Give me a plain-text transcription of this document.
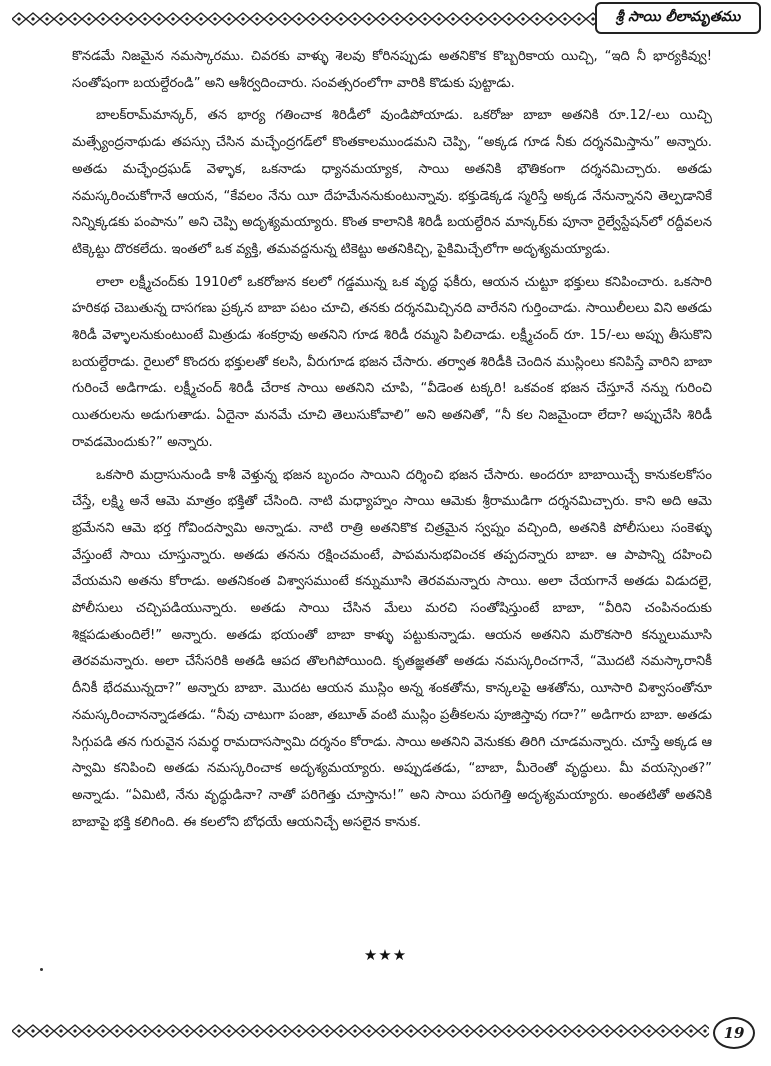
శ్రీ సాయి లీలామృతము

కొనడమే నిజమైన నమస్కారము. చివరకు వాళ్ళు శెలవు కోరినప్పుడు అతనికొక కొబ్బరికాయ యిచ్చి, “ఇది నీ భార్యకివ్వు! సంతోషంగా బయల్దేరండి” అని ఆశీర్వదించారు. సంవత్సరంలోగా వారికి కొడుకు పుట్టాడు.

బాలక్‌రామ్‌మాన్కర్, తన భార్య గతించాక శిరిడీలో వుండిపోయాడు. ఒకరోజు బాబా అతనికి రూ.12/-లు యిచ్చి మత్స్యేంద్రనాథుడు తపస్సు చేసిన మచ్ఛేంద్రగడ్‌లో కొంతకాలముండమని చెప్పి, “అక్కడ గూడ నీకు దర్శనమిస్తాను” అన్నారు. అతడు మచ్ఛేంద్రఘడ్ వెళ్ళాక, ఒకనాడు ధ్యానమయ్యాక, సాయి అతనికి భౌతికంగా దర్శనమిచ్చారు. అతడు నమస్కరించుకోగానే ఆయన, “కేవలం నేను యీ దేహమేననుకుంటున్నావు. భక్తుడెక్కడ స్మరిస్తే అక్కడ నేనున్నానని తెల్పడానికే నిన్నిక్కడకు పంపాను” అని చెప్పి అదృశ్యమయ్యారు. కొంత కాలానికి శిరిడీ బయల్దేరిన మాన్కర్‌కు పూనా రైల్వేస్టేషన్‌లో రద్దీవలన టిక్కెట్టు దొరకలేదు. ఇంతలో ఒక వ్యక్తి, తమవద్దనున్న టికెట్టు అతనికిచ్చి, పైకిమిచ్చేలోగా అదృశ్యమయ్యాడు.

లాలా లక్ష్మీచంద్‌కు 1910లో ఒకరోజున కలలో గడ్డమున్న ఒక వృద్ధ ఫకీరు, ఆయన చుట్టూ భక్తులు కనిపించారు. ఒకసారి హరికథ చెబుతున్న దాసగణు ప్రక్కన బాబా పటం చూచి, తనకు దర్శనమిచ్చినది వారేనని గుర్తించాడు. సాయిలీలలు విని అతడు శిరిడీ వెళ్ళాలనుకుంటుంటే మిత్రుడు శంకర్రావు అతనిని గూడ శిరిడీ రమ్మని పిలిచాడు. లక్ష్మీచంద్ రూ. 15/-లు అప్పు తీసుకొని బయల్దేరాడు. రైలులో కొందరు భక్తులతో కలసి, వీరుగూడ భజన చేసారు. తర్వాత శిరిడీకి చెందిన ముస్లింలు కనిపిస్తే వారిని బాబా గురించే అడిగాడు. లక్ష్మీచంద్ శిరిడీ చేరాక సాయి అతనిని చూపి, “వీడెంత టక్కరి! ఒకవంక భజన చేస్తూనే నన్ను గురించి యితరులను అడుగుతాడు. ఏదైనా మనమే చూచి తెలుసుకోవాలి” అని అతనితో, “నీ కల నిజమైందా లేదా? అప్పుచేసి శిరిడీ రావడమెందుకు?” అన్నారు.

ఒకసారి మద్రాసునుండి కాశీ వెళ్తున్న భజన బృందం సాయిని దర్శించి భజన చేసారు. అందరూ బాబాయిచ్చే కానుకలకోసం చేస్తే, లక్ష్మి అనే ఆమె మాత్రం భక్తితో చేసింది. నాటి మధ్యాహ్నం సాయి ఆమెకు శ్రీరాముడిగా దర్శనమిచ్చారు. కాని అది ఆమె భ్రమేనని ఆమె భర్త గోవిందస్వామి అన్నాడు. నాటి రాత్రి అతనికొక చిత్రమైన స్వప్నం వచ్చింది, అతనికి పోలీసులు సంకెళ్ళు వేస్తుంటే సాయి చూస్తున్నారు. అతడు తనను రక్షించమంటే, పాపమనుభవించక తప్పదన్నారు బాబా. ఆ పాపాన్ని దహించి వేయమని అతను కోరాడు. అతనికంత విశ్వాసముంటే కన్నుమూసి తెరవమన్నారు సాయి. అలా చేయగానే అతడు విడుదలై, పోలీసులు చచ్చిపడియున్నారు. అతడు సాయి చేసిన మేలు మరచి సంతోషిస్తుంటే బాబా, “వీరిని చంపినందుకు శిక్షపడుతుందిలే!” అన్నారు. అతడు భయంతో బాబా కాళ్ళు పట్టుకున్నాడు. ఆయన అతనిని మరొకసారి కన్నులుమూసి తెరవమన్నారు. అలా చేసేసరికి అతడి ఆపద తొలగిపోయింది. కృతజ్ఞతతో అతడు నమస్కరించగానే, “మొదటి నమస్కారానికీ దీనికీ భేదమున్నదా?” అన్నారు బాబా. మొదట ఆయన ముస్లిం అన్న శంకతోను, కాన్కలపై ఆశతోను, యీసారి విశ్వాసంతోనూ నమస్కరించానన్నాడతడు. “నీవు చాటుగా పంజా, తబూత్ వంటి ముస్లిం ప్రతీకలను పూజిస్తావు గదా?” అడిగారు బాబా. అతడు సిగ్గుపడి తన గురువైన సమర్థ రామదాసస్వామి దర్శనం కోరాడు. సాయి అతనిని వెనుకకు తిరిగి చూడమన్నారు. చూస్తే అక్కడ ఆ స్వామి కనిపించి అతడు నమస్కరించాక అదృశ్యమయ్యారు. అప్పుడతడు, “బాబా, మీరెంతో వృద్ధులు. మీ వయస్సెంత?” అన్నాడు. “ఏమిటి, నేను వృద్ధుడినా? నాతో పరిగెత్తు చూస్తాను!” అని సాయి పరుగెత్తి అదృశ్యమయ్యారు. అంతటితో అతనికి బాబాపై భక్తి కలిగింది. ఈ కలలోని బోధయే ఆయనిచ్చే అసలైన కానుక.

★★★
19
